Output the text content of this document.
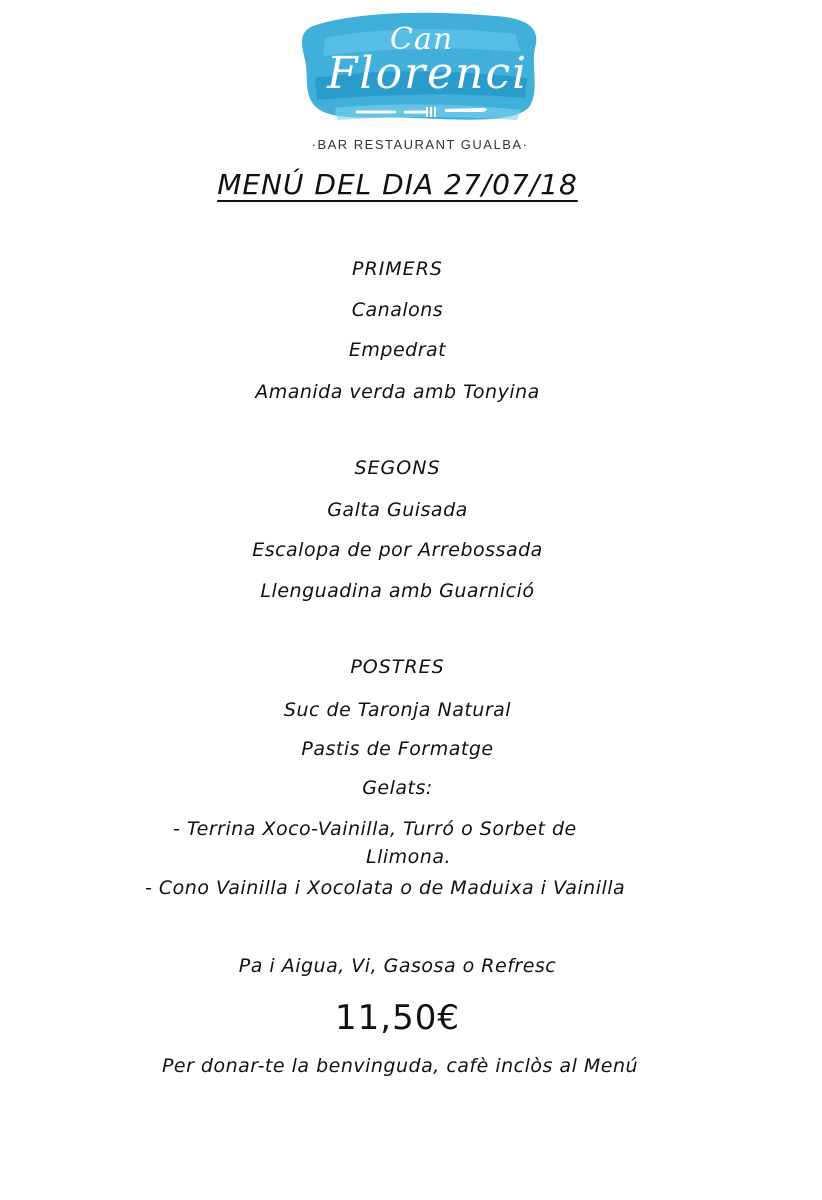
Can
Florenci
·BAR RESTAURANT GUALBA·
MENÚ DEL DIA 27/07/18
PRIMERS
Canalons
Empedrat
Amanida verda amb Tonyina
SEGONS
Galta Guisada
Escalopa de por Arrebossada
Llenguadina amb Guarnició
POSTRES
Suc de Taronja Natural
Pastis de Formatge
Gelats:
- Terrina Xoco-Vainilla, Turró o Sorbet de
Llimona.
- Cono Vainilla i Xocolata o de Maduixa i Vainilla
Pa i Aigua, Vi, Gasosa o Refresc
11,50€
Per donar-te la benvinguda, cafè inclòs al Menú
